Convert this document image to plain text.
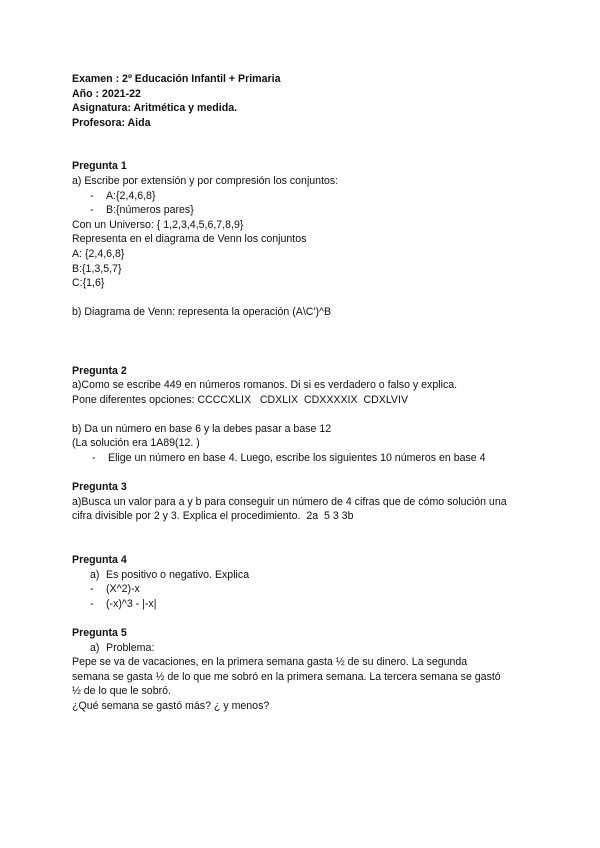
Examen : 2º Educación Infantil + Primaria
Año : 2021-22
Asignatura: Aritmética y medida.
Profesora: Aida
Pregunta 1
a) Escribe por extensión y por compresión los conjuntos:
- A:{2,4,6,8}
- B:{números pares}
Con un Universo: { 1,2,3,4,5,6,7,8,9}
Representa en el diagrama de Venn los conjuntos
A: {2,4,6,8}
B:{1,3,5,7}
C:{1,6}
b) Diagrama de Venn: representa la operación (A\C')^B
Pregunta 2
a)Como se escribe 449 en números romanos. Di si es verdadero o falso y explica.
Pone diferentes opciones: CCCCXLIX   CDXLIX  CDXXXXIX  CDXLVIV
b) Da un número en base 6 y la debes pasar a base 12
(La solución era 1A89(12. )
- Elige un número en base 4. Luego, escribe los siguientes 10 números en base 4
Pregunta 3
a)Busca un valor para a y b para conseguir un número de 4 cifras que de cómo solución una
cifra divisible por 2 y 3. Explica el procedimiento.  2a  5 3 3b
Pregunta 4
a) Es positivo o negativo. Explica
- (X^2)-x
- (-x)^3 - |-x|
Pregunta 5
a) Problema:
Pepe se va de vacaciones, en la primera semana gasta ½ de su dinero. La segunda
semana se gasta ½ de lo que me sobró en la primera semana. La tercera semana se gastó
½ de lo que le sobró.
¿Qué semana se gastó más? ¿ y menos?
